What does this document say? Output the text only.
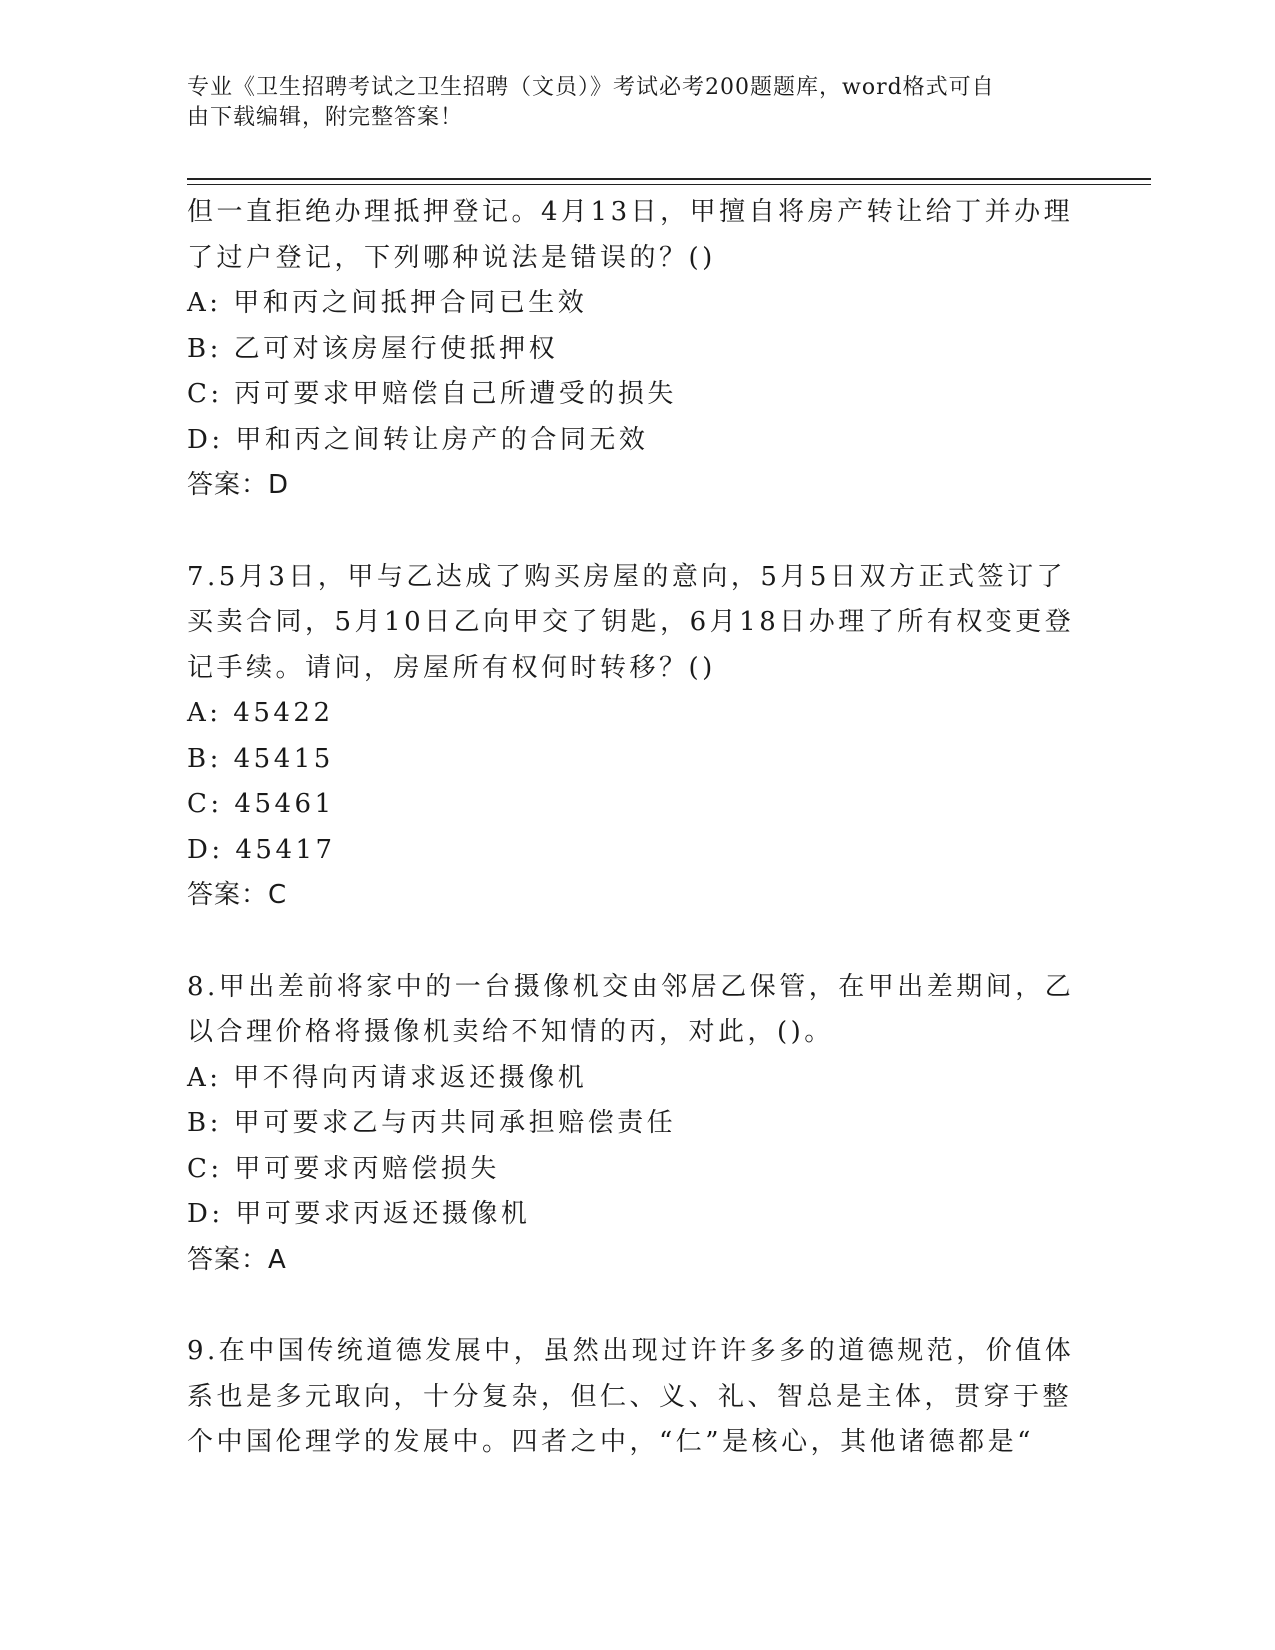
专业《卫生招聘考试之卫生招聘（文员）》考试必考200题题库，word格式可自
由下载编辑，附完整答案！
但一直拒绝办理抵押登记。4月13日，甲擅自将房产转让给丁并办理
了过户登记，下列哪种说法是错误的？()
A: 甲和丙之间抵押合同已生效
B: 乙可对该房屋行使抵押权
C: 丙可要求甲赔偿自己所遭受的损失
D: 甲和丙之间转让房产的合同无效
答案：D
7.5月3日，甲与乙达成了购买房屋的意向，5月5日双方正式签订了
买卖合同，5月10日乙向甲交了钥匙，6月18日办理了所有权变更登
记手续。请问，房屋所有权何时转移？()
A: 45422
B: 45415
C: 45461
D: 45417
答案：C
8.甲出差前将家中的一台摄像机交由邻居乙保管，在甲出差期间，乙
以合理价格将摄像机卖给不知情的丙，对此，()。
A: 甲不得向丙请求返还摄像机
B: 甲可要求乙与丙共同承担赔偿责任
C: 甲可要求丙赔偿损失
D: 甲可要求丙返还摄像机
答案：A
9.在中国传统道德发展中，虽然出现过许许多多的道德规范，价值体
系也是多元取向，十分复杂，但仁、义、礼、智总是主体，贯穿于整
个中国伦理学的发展中。四者之中，“仁”是核心，其他诸德都是“
